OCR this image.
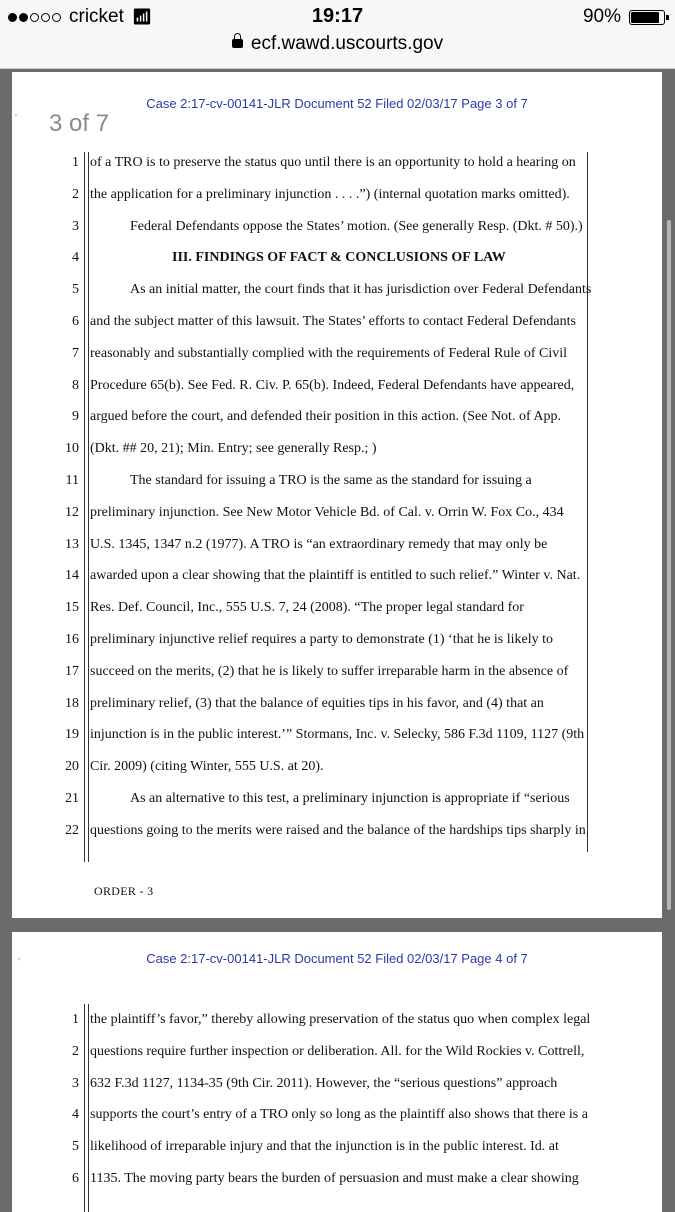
cricket 📶︎	19:17	90%
ecf.wawd.uscourts.gov
Case 2:17-cv-00141-JLR Document 52 Filed 02/03/17 Page 3 of 7
3 of 7
'
1 of a TRO is to preserve the status quo until there is an opportunity to hold a hearing on
2 the application for a preliminary injunction . . . .”) (internal quotation marks omitted).
3	Federal Defendants oppose the States’ motion. (See generally Resp. (Dkt. # 50).)
4	III. FINDINGS OF FACT & CONCLUSIONS OF LAW
5	As an initial matter, the court finds that it has jurisdiction over Federal Defendants
6 and the subject matter of this lawsuit. The States’ efforts to contact Federal Defendants
7 reasonably and substantially complied with the requirements of Federal Rule of Civil
8 Procedure 65(b). See Fed. R. Civ. P. 65(b). Indeed, Federal Defendants have appeared,
9 argued before the court, and defended their position in this action. (See Not. of App.
10 (Dkt. ## 20, 21); Min. Entry; see generally Resp.; )
11	The standard for issuing a TRO is the same as the standard for issuing a
12 preliminary injunction. See New Motor Vehicle Bd. of Cal. v. Orrin W. Fox Co., 434
13 U.S. 1345, 1347 n.2 (1977). A TRO is “an extraordinary remedy that may only be
14 awarded upon a clear showing that the plaintiff is entitled to such relief.” Winter v. Nat.
15 Res. Def. Council, Inc., 555 U.S. 7, 24 (2008). “The proper legal standard for
16 preliminary injunctive relief requires a party to demonstrate (1) ‘that he is likely to
17 succeed on the merits, (2) that he is likely to suffer irreparable harm in the absence of
18 preliminary relief, (3) that the balance of equities tips in his favor, and (4) that an
19 injunction is in the public interest.’” Stormans, Inc. v. Selecky, 586 F.3d 1109, 1127 (9th
20 Cir. 2009) (citing Winter, 555 U.S. at 20).
21	As an alternative to this test, a preliminary injunction is appropriate if “serious
22 questions going to the merits were raised and the balance of the hardships tips sharply in
ORDER - 3
Case 2:17-cv-00141-JLR Document 52 Filed 02/03/17 Page 4 of 7
'
1 the plaintiff’s favor,” thereby allowing preservation of the status quo when complex legal
2 questions require further inspection or deliberation. All. for the Wild Rockies v. Cottrell,
3 632 F.3d 1127, 1134-35 (9th Cir. 2011). However, the “serious questions” approach
4 supports the court’s entry of a TRO only so long as the plaintiff also shows that there is a
5 likelihood of irreparable injury and that the injunction is in the public interest. Id. at
6 1135. The moving party bears the burden of persuasion and must make a clear showing
